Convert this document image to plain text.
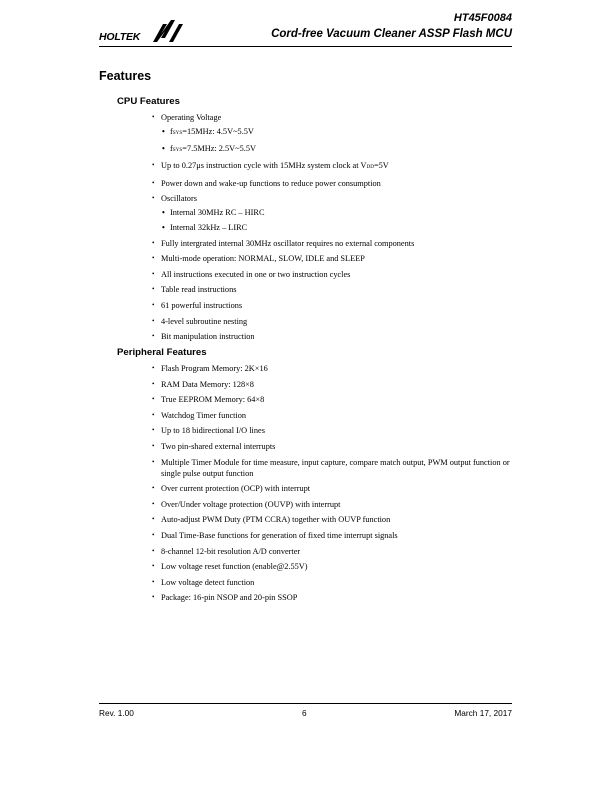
HOLTEK
HT45F0084
Cord-free Vacuum Cleaner ASSP Flash MCU
Features
CPU Features
• Operating Voltage
• fSYS=15MHz: 4.5V~5.5V
• fSYS=7.5MHz: 2.5V~5.5V
• Up to 0.27μs instruction cycle with 15MHz system clock at VDD=5V
• Power down and wake-up functions to reduce power consumption
• Oscillators
• Internal 30MHz RC – HIRC
• Internal 32kHz – LIRC
• Fully intergrated internal 30MHz oscillator requires no external components
• Multi-mode operation: NORMAL, SLOW, IDLE and SLEEP
• All instructions executed in one or two instruction cycles
• Table read instructions
• 61 powerful instructions
• 4-level subroutine nesting
• Bit manipulation instruction
Peripheral Features
• Flash Program Memory: 2K×16
• RAM Data Memory: 128×8
• True EEPROM Memory: 64×8
• Watchdog Timer function
• Up to 18 bidirectional I/O lines
• Two pin-shared external interrupts
• Multiple Timer Module for time measure, input capture, compare match output, PWM output function or single pulse output function
• Over current protection (OCP) with interrupt
• Over/Under voltage protection (OUVP) with interrupt
• Auto-adjust PWM Duty (PTM CCRA) together with OUVP function
• Dual Time-Base functions for generation of fixed time interrupt signals
• 8-channel 12-bit resolution A/D converter
• Low voltage reset function (enable@2.55V)
• Low voltage detect function
• Package: 16-pin NSOP and 20-pin SSOP
Rev. 1.00	6	March 17, 2017
